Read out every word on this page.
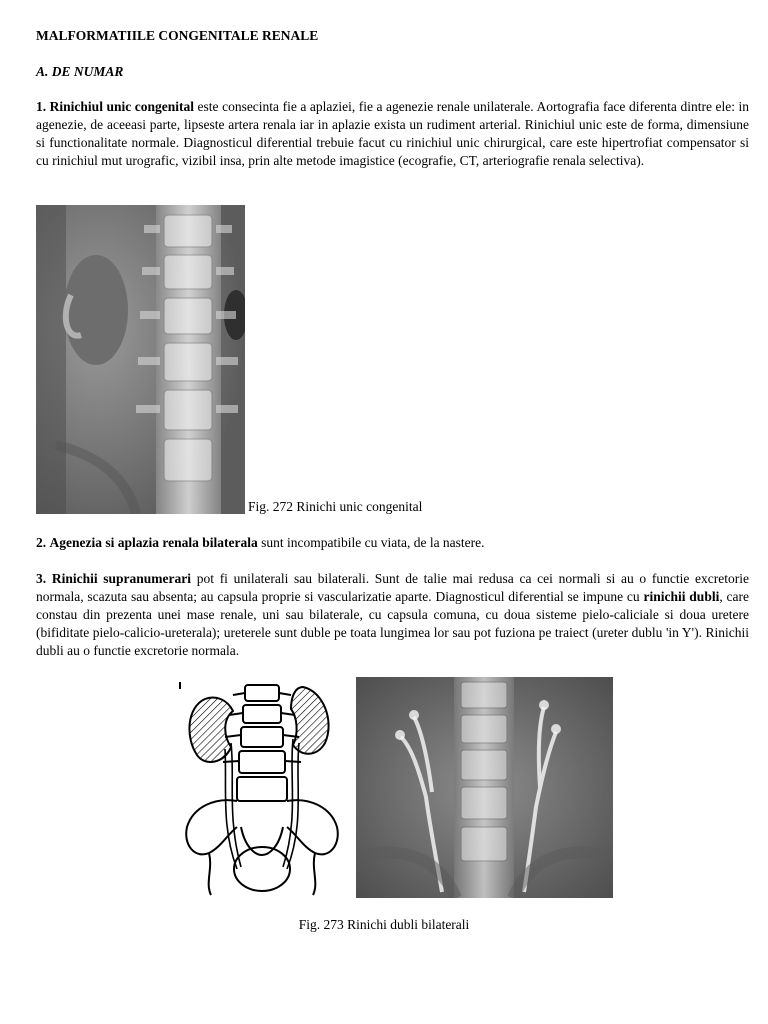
MALFORMATIILE CONGENITALE RENALE
A. DE NUMAR

1. Rinichiul unic congenital este consecinta fie a aplaziei, fie a agenezie renale unilaterale. Aortografia face diferenta dintre ele: in agenezie, de aceeasi parte, lipseste artera renala iar in aplazie exista un rudiment arterial. Rinichiul unic este de forma, dimensiune si functionalitate normale. Diagnosticul diferential trebuie facut cu rinichiul unic chirurgical, care este hipertrofiat compensator si cu rinichiul mut urografic, vizibil insa, prin alte metode imagistice (ecografie, CT, arteriografie renala selectiva).

Fig. 272 Rinichi unic congenital

2. Agenezia si aplazia renala bilaterala sunt incompatibile cu viata, de la nastere.

3. Rinichii supranumerari pot fi unilaterali sau bilaterali. Sunt de talie mai redusa ca cei normali si au o functie excretorie normala, scazuta sau absenta; au capsula proprie si vascularizatie aparte. Diagnosticul diferential se impune cu rinichii dubli, care constau din prezenta unei mase renale, uni sau bilaterale, cu capsula comuna, cu doua sisteme pielo-caliciale si doua uretere (bifiditate pielo-calicio-ureterala); ureterele sunt duble pe toata lungimea lor sau pot fuziona pe traiect (ureter dublu 'in Y'). Rinichii dubli au o functie excretorie normala.

Fig. 273 Rinichi dubli bilaterali
